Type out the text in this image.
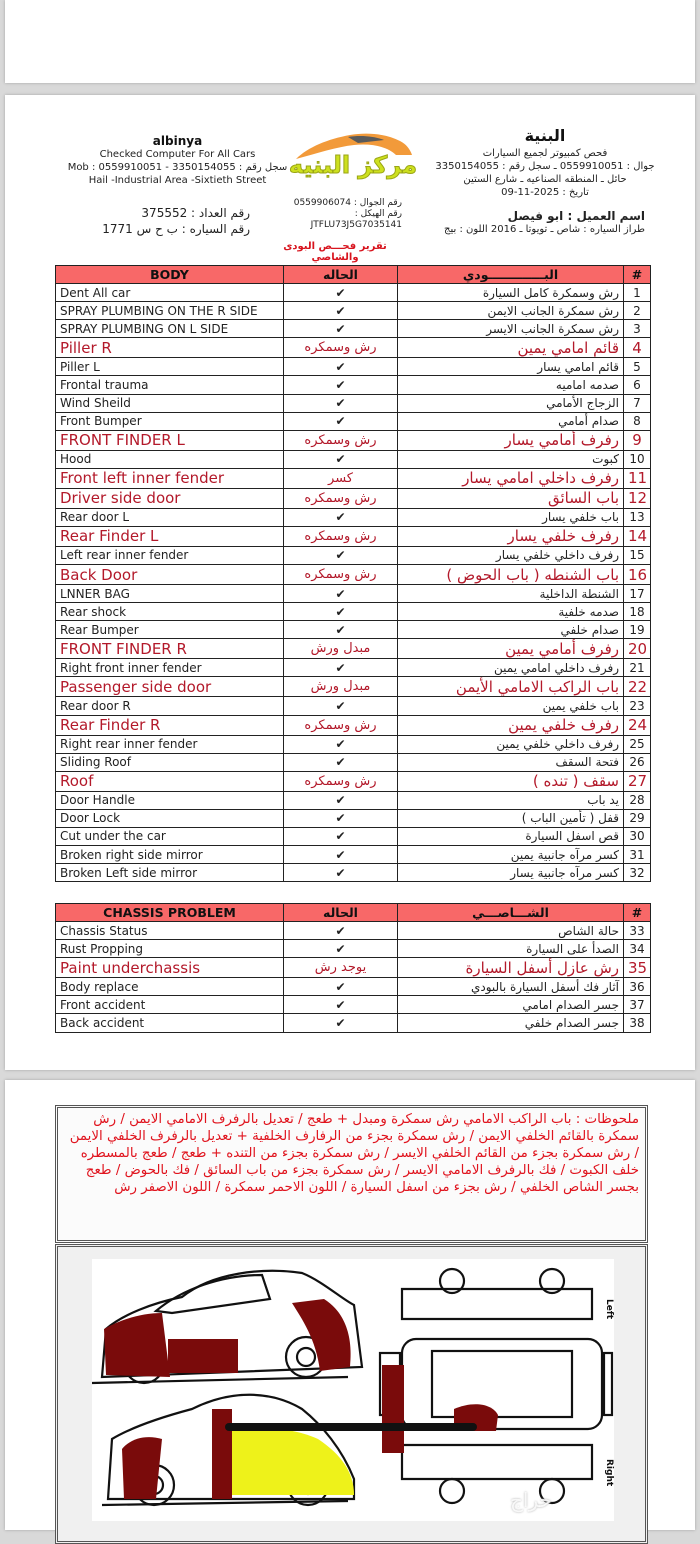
albinya
Checked Computer For All Cars
Mob : 0559910051 - 3350154055 : سجل رقم
Hail -Industrial Area -Sixtieth Street
مركز البنيه
البنية
فحص كمبيوتر لجميع السيارات
جوال : 0559910051 ـ سجل رقم : 3350154055
حائل ـ المنطقه الصناعيه ـ شارع الستين
تاريخ : 2025-11-09
رقم العداد : 375552
رقم السياره : ب ح س 1771
رقم الجوال : 0559906074
رقم الهيكل :
JTFLU73J5G7035141
اسم العميل : ابو فيصل
طراز السياره : شاص ـ تويوتا ـ 2016 اللون : بيج
تقرير فحـــص البودى والشاصي
BODY	الحاله	البـــــــــــــودي	#
Dent All car	✔	رش وسمكرة كامل السيارة	1
SPRAY PLUMBING ON THE R SIDE	✔	رش سمكرة الجانب الايمن	2
SPRAY PLUMBING ON L SIDE	✔	رش سمكرة الجانب الايسر	3
Piller R	رش وسمكره	قائم امامي يمين	4
Piller L	✔	قائم امامي يسار	5
Frontal trauma	✔	صدمه اماميه	6
Wind Sheild	✔	الزجاج الأمامي	7
Front Bumper	✔	صدام أمامي	8
FRONT FINDER L	رش وسمكره	رفرف أمامي يسار	9
Hood	✔	كبوت	10
Front left inner fender	كسر	رفرف داخلي امامي يسار	11
Driver side door	رش وسمكره	باب السائق	12
Rear door L	✔	باب خلفي يسار	13
Rear Finder L	رش وسمكره	رفرف خلفي يسار	14
Left rear inner fender	✔	رفرف داخلي خلفي يسار	15
Back Door	رش وسمكره	باب الشنطه ( باب الحوض )	16
LNNER BAG	✔	الشنطة الداخلية	17
Rear shock	✔	صدمه خلفية	18
Rear Bumper	✔	صدام خلفي	19
FRONT FINDER R	مبدل ورش	رفرف أمامي يمين	20
Right front inner fender	✔	رفرف داخلي امامي يمين	21
Passenger side door	مبدل ورش	باب الراكب الامامي الأيمن	22
Rear door R	✔	باب خلفي يمين	23
Rear Finder R	رش وسمكره	رفرف خلفي يمين	24
Right rear inner fender	✔	رفرف داخلي خلفي يمين	25
Sliding Roof	✔	فتحة السقف	26
Roof	رش وسمكره	سقف ( تنده )	27
Door Handle	✔	يد باب	28
Door Lock	✔	قفل ( تأمين الباب )	29
Cut under the car	✔	قص اسفل السيارة	30
Broken right side mirror	✔	كسر مرآه جانبية يمين	31
Broken Left side mirror	✔	كسر مرآه جانبية يسار	32
CHASSIS PROBLEM	الحاله	الشـــاصـــي	#
Chassis Status	✔	حالة الشاص	33
Rust Propping	✔	الصدأ على السيارة	34
Paint underchassis	يوجد رش	رش عازل أسفل السيارة	35
Body replace	✔	آثار فك أسفل السيارة بالبودي	36
Front accident	✔	جسر الصدام امامي	37
Back accident	✔	جسر الصدام خلفي	38
ملحوظات : باب الراكب الامامي رش سمكرة ومبدل + طعج / تعديل بالرفرف الامامي الايمن / رش سمكرة بالقائم الخلفي الايمن / رش سمكرة بجزء من الرفارف الخلفية + تعديل بالرفرف الخلفي الايمن / رش سمكرة بجزء من القائم الخلفي الايسر / رش سمكرة بجزء من التنده + طعج / طعج بالمسطره خلف الكبوت / فك بالرفرف الامامي الايسر / رش سمكرة بجزء من باب السائق / فك بالحوض / طعج بجسر الشاص الخلفي / رش بجزء من اسفل السيارة / اللون الاحمر سمكرة / اللون الاصفر رش
Left
Right
حراج
